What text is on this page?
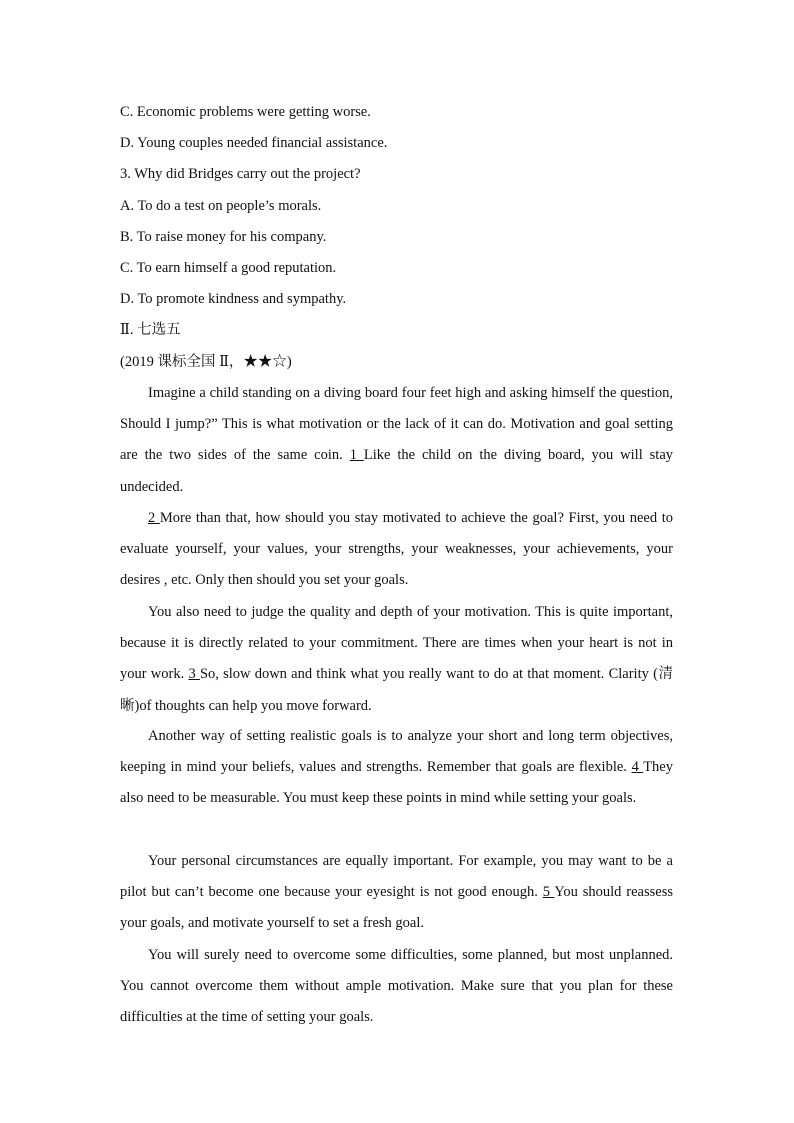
C. Economic problems were getting worse.
D. Young couples needed financial assistance.
3. Why did Bridges carry out the project?
A. To do a test on people’s morals.
B. To raise money for his company.
C. To earn himself a good reputation.
D. To promote kindness and sympathy.
Ⅱ. 七选五
(2019 课标全国 Ⅱ，★★☆)
Imagine a child standing on a diving board four feet high and asking himself the question, Should I jump?” This is what motivation or the lack of it can do. Motivation and goal setting are the two sides of the same coin. 1 Like the child on the diving board, you will stay undecided.
2 More than that, how should you stay motivated to achieve the goal? First, you need to evaluate yourself, your values, your strengths, your weaknesses, your achievements, your desires , etc. Only then should you set your goals.
You also need to judge the quality and depth of your motivation. This is quite important, because it is directly related to your commitment. There are times when your heart is not in your work. 3 So, slow down and think what you really want to do at that moment. Clarity (清晰)of thoughts can help you move forward.
Another way of setting realistic goals is to analyze your short and long term objectives, keeping in mind your beliefs, values and strengths. Remember that goals are flexible. 4 They also need to be measurable. You must keep these points in mind while setting your goals.
Your personal circumstances are equally important. For example, you may want to be a pilot but can’t become one because your eyesight is not good enough. 5 You should reassess your goals, and motivate yourself to set a fresh goal.
You will surely need to overcome some difficulties, some planned, but most unplanned. You cannot overcome them without ample motivation. Make sure that you plan for these difficulties at the time of setting your goals.
